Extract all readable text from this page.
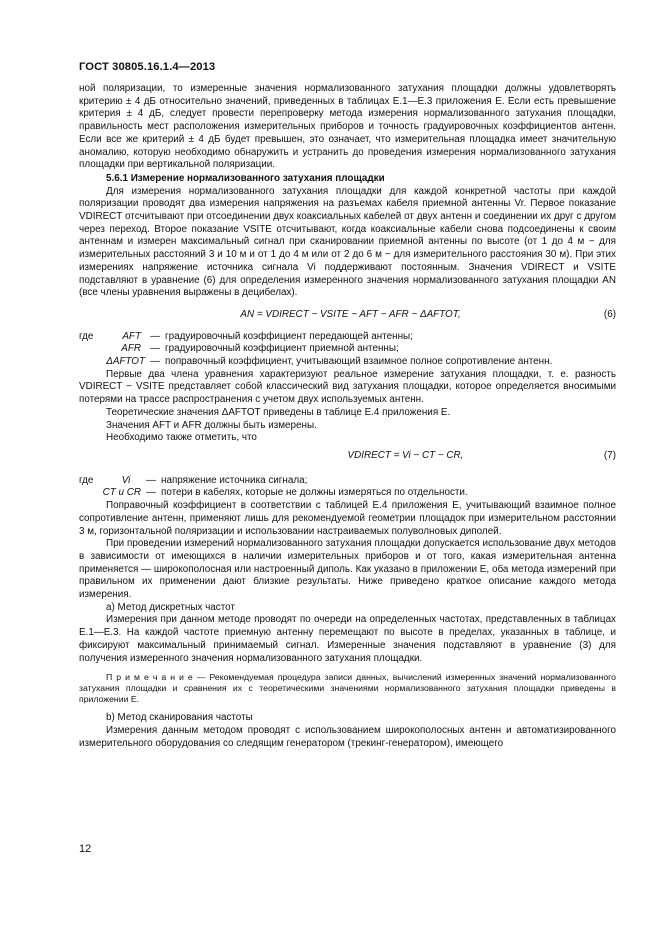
ГОСТ 30805.16.1.4—2013

ной поляризации, то измеренные значения нормализованного затухания площадки должны удовлетворять критерию ± 4 дБ относительно значений, приведенных в таблицах Е.1—Е.3 приложения Е. Если есть превышение критерия ± 4 дБ, следует провести перепроверку метода измерения нормализованного затухания площадки, правильность мест расположения измерительных приборов и точность градуировочных коэффициентов антенн. Если все же критерий ± 4 дБ будет превышен, это означает, что измерительная площадка имеет значительную аномалию, которую необходимо обнаружить и устранить до проведения измерения нормализованного затухания площадки при вертикальной поляризации.

5.6.1 Измерение нормализованного затухания площадки

Для измерения нормализованного затухания площадки для каждой конкретной частоты при каждой поляризации проводят два измерения напряжения на разъемах кабеля приемной антенны Vr. Первое показание VDIRECT отсчитывают при отсоединении двух коаксиальных кабелей от двух антенн и соединении их друг с другом через переход. Второе показание VSITE отсчитывают, когда коаксиальные кабели снова подсоединены к своим антеннам и измерен максимальный сигнал при сканировании приемной антенны по высоте (от 1 до 4 м − для измерительных расстояний 3 и 10 м и от 1 до 4 м или от 2 до 6 м − для измерительного расстояния 30 м). При этих измерениях напряжение источника сигнала Vi поддерживают постоянным. Значения VDIRECT и VSITE подставляют в уравнение (6) для определения измеренного значения нормализованного затухания площадки AN (все члены уравнения выражены в децибелах).

AN = VDIRECT − VSITE − AFT − AFR − ΔAFTOT,	(6)
где	AFT — градуировочный коэффициент передающей антенны;
AFR — градуировочный коэффициент приемной антенны;
ΔAFTOT — поправочный коэффициент, учитывающий взаимное полное сопротивление антенн.

Первые два члена уравнения характеризуют реальное измерение затухания площадки, т. е. разность VDIRECT − VSITE представляет собой классический вид затухания площадки, которое определяется вносимыми потерями на трассе распространения с учетом двух используемых антенн.

Теоретические значения ΔAFTOT приведены в таблице Е.4 приложения Е.

Значения AFT и AFR должны быть измерены.

Необходимо также отметить, что

VDIRECT = Vi − CT − CR,	(7)
где	Vi	— напряжение источника сигнала;
CT и CR — потери в кабелях, которые не должны измеряться по отдельности.

Поправочный коэффициент в соответствии с таблицей Е.4 приложения Е, учитывающий взаимное полное сопротивление антенн, применяют лишь для рекомендуемой геометрии площадок при измерительном расстоянии 3 м, горизонтальной поляризации и использовании настраиваемых полуволновых диполей.

При проведении измерений нормализованного затухания площадки допускается использование двух методов в зависимости от имеющихся в наличии измерительных приборов и от того, какая измерительная антенна применяется — широкополосная или настроенный диполь. Как указано в приложении Е, оба метода измерений при правильном их применении дают близкие результаты. Ниже приведено краткое описание каждого метода измерения.

а) Метод дискретных частот

Измерения при данном методе проводят по очереди на определенных частотах, представленных в таблицах Е.1—Е.3. На каждой частоте приемную антенну перемещают по высоте в пределах, указанных в таблице, и фиксируют максимальный принимаемый сигнал. Измеренные значения подставляют в уравнение (3) для получения измеренного значения нормализованного затухания площадки.

П р и м е ч а н и е — Рекомендуемая процедура записи данных, вычислений измеренных значений нормализованного затухания площадки и сравнения их с теоретическими значениями нормализованного затухания площадки приведены в приложении Е.

b) Метод сканирования частоты

Измерения данным методом проводят с использованием широкополосных антенн и автоматизированного измерительного оборудования со следящим генератором (трекинг-генератором), имеющего

12
